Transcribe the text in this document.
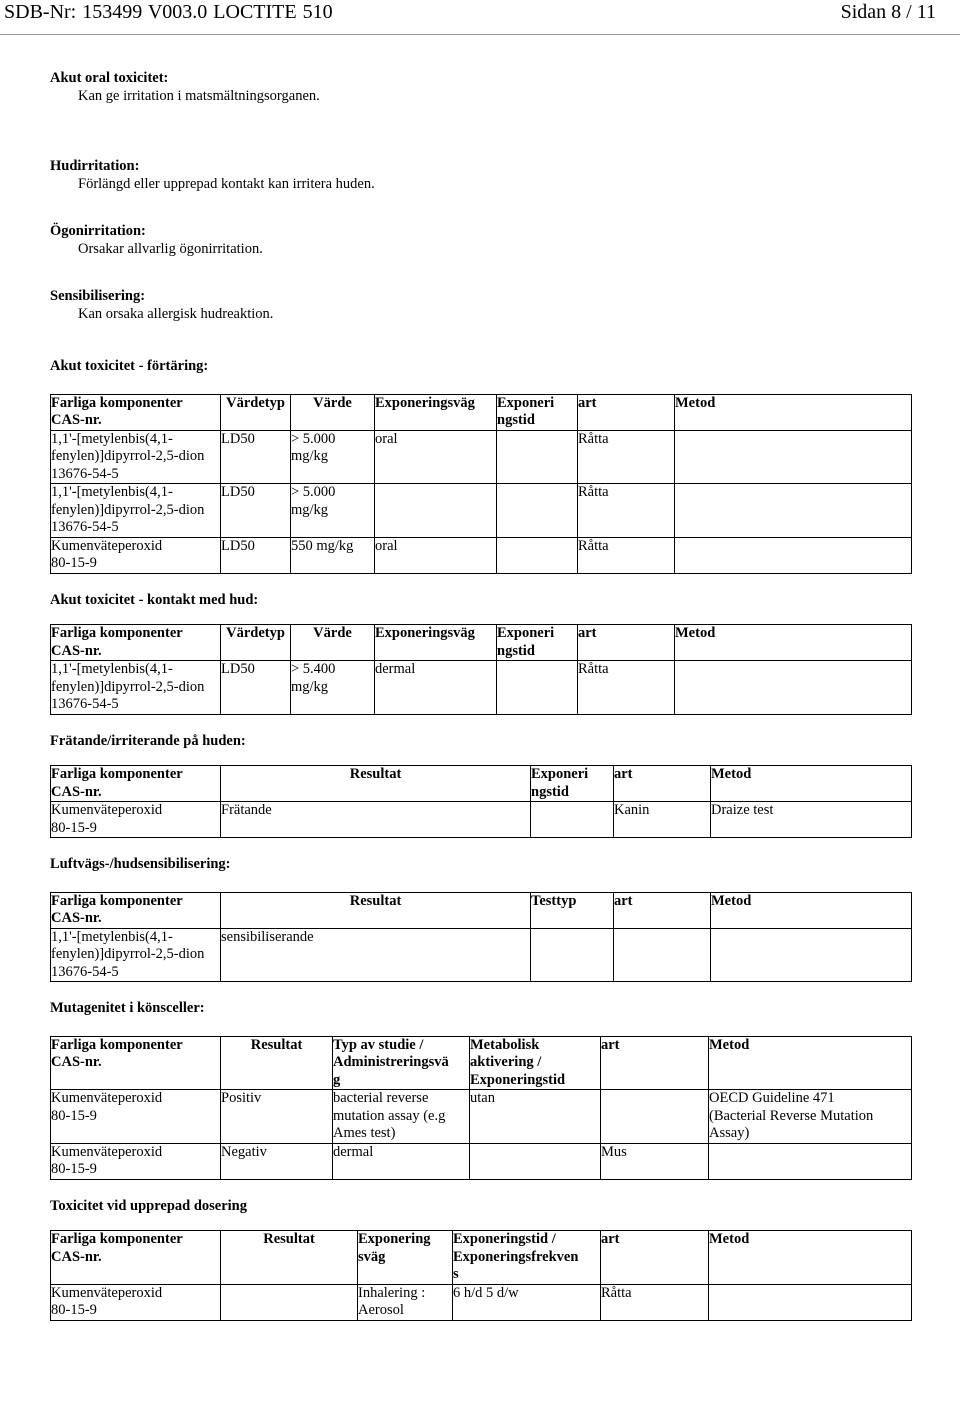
SDB-Nr: 153499 V003.0 LOCTITE 510	Sidan 8 / 11
Akut oral toxicitet:
Kan ge irritation i matsmältningsorganen.
Hudirritation:
Förlängd eller upprepad kontakt kan irritera huden.
Ögonirritation:
Orsakar allvarlig ögonirritation.
Sensibilisering:
Kan orsaka allergisk hudreaktion.
Akut toxicitet - förtäring:
Farliga komponenter
CAS-nr.	Värdetyp	Värde	Exponeringsväg	Exponeri
ngstid	art	Metod
1,1'-[metylenbis(4,1-
fenylen)]dipyrrol-2,5-dion
13676-54-5	LD50	> 5.000 mg/kg	oral		Råtta	
1,1'-[metylenbis(4,1-
fenylen)]dipyrrol-2,5-dion
13676-54-5	LD50	> 5.000 mg/kg			Råtta	
Kumenväteperoxid
80-15-9	LD50	550 mg/kg	oral		Råtta	
Akut toxicitet - kontakt med hud:
Farliga komponenter
CAS-nr.	Värdetyp	Värde	Exponeringsväg	Exponeri
ngstid	art	Metod
1,1'-[metylenbis(4,1-
fenylen)]dipyrrol-2,5-dion
13676-54-5	LD50	> 5.400 mg/kg	dermal		Råtta	
Frätande/irriterande på huden:
Farliga komponenter
CAS-nr.	Resultat	Exponeri
ngstid	art	Metod
Kumenväteperoxid
80-15-9	Frätande		Kanin	Draize test
Luftvägs-/hudsensibilisering:
Farliga komponenter
CAS-nr.	Resultat	Testtyp	art	Metod
1,1'-[metylenbis(4,1-
fenylen)]dipyrrol-2,5-dion
13676-54-5	sensibiliserande			
Mutagenitet i könsceller:
Farliga komponenter
CAS-nr.	Resultat	Typ av studie /
Administreringsvä
g	Metabolisk
aktivering /
Exponeringstid	art	Metod
Kumenväteperoxid
80-15-9	Positiv	bacterial reverse
mutation assay (e.g
Ames test)	utan		OECD Guideline 471
(Bacterial Reverse Mutation
Assay)
Kumenväteperoxid
80-15-9	Negativ	dermal		Mus	
Toxicitet vid upprepad dosering
Farliga komponenter
CAS-nr.	Resultat	Exponering
sväg	Exponeringstid /
Exponeringsfrekven
s	art	Metod
Kumenväteperoxid
80-15-9		Inhalering :
Aerosol	6 h/d 5 d/w	Råtta	
